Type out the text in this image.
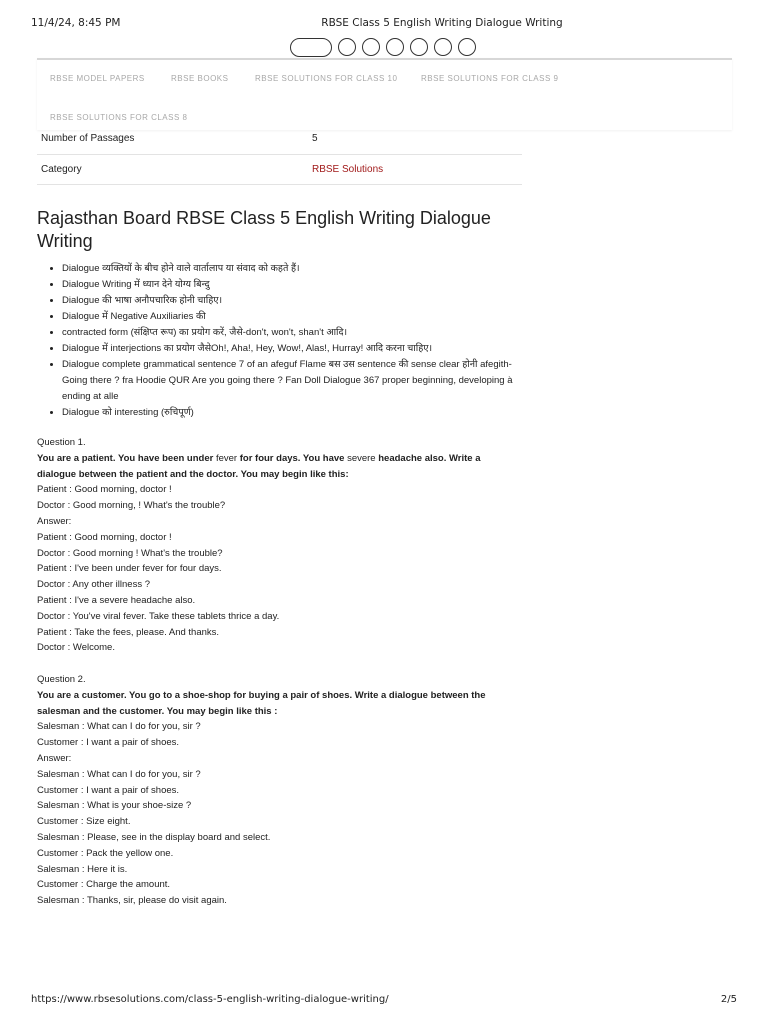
11/4/24, 8:45 PM	RBSE Class 5 English Writing Dialogue Writing
RBSE MODEL PAPERS	RBSE BOOKS	RBSE SOLUTIONS FOR CLASS 10	RBSE SOLUTIONS FOR CLASS 9
RBSE SOLUTIONS FOR CLASS 8
Number of Passages	5
Category	RBSE Solutions
Rajasthan Board RBSE Class 5 English Writing Dialogue Writing
• Dialogue व्यक्तियों के बीच होने वाले वार्तालाप या संवाद को कहते हैं।
• Dialogue Writing में ध्यान देने योग्य बिन्दु
• Dialogue की भाषा अनौपचारिक होनी चाहिए।
• Dialogue में Negative Auxiliaries की
• contracted form (संक्षिप्त रूप) का प्रयोग करें, जैसे-don't, won't, shan't आदि।
• Dialogue में interjections का प्रयोग जैसेOh!, Aha!, Hey, Wow!, Alas!, Hurray! आदि करना चाहिए।
• Dialogue complete grammatical sentence 7 of an afeguf Flame बस उस sentence की sense clear होनी afegith-Going there ? fra Hoodie QUR Are you going there ? Fan Doll Dialogue 367 proper beginning, developing à ending at alle
• Dialogue को interesting (रुचिपूर्ण)
Question 1.
You are a patient. You have been under fever for four days. You have severe headache also. Write a dialogue between the patient and the doctor. You may begin like this:
Patient : Good morning, doctor !
Doctor : Good morning, ! What's the trouble?
Answer:
Patient : Good morning, doctor !
Doctor : Good morning ! What's the trouble?
Patient : I've been under fever for four days.
Doctor : Any other illness ?
Patient : I've a severe headache also.
Doctor : You've viral fever. Take these tablets thrice a day.
Patient : Take the fees, please. And thanks.
Doctor : Welcome.
Question 2.
You are a customer. You go to a shoe-shop for buying a pair of shoes. Write a dialogue between the salesman and the customer. You may begin like this :
Salesman : What can I do for you, sir ?
Customer : I want a pair of shoes.
Answer:
Salesman : What can I do for you, sir ?
Customer : I want a pair of shoes.
Salesman : What is your shoe-size ?
Customer : Size eight.
Salesman : Please, see in the display board and select.
Customer : Pack the yellow one.
Salesman : Here it is.
Customer : Charge the amount.
Salesman : Thanks, sir, please do visit again.
https://www.rbsesolutions.com/class-5-english-writing-dialogue-writing/	2/5
